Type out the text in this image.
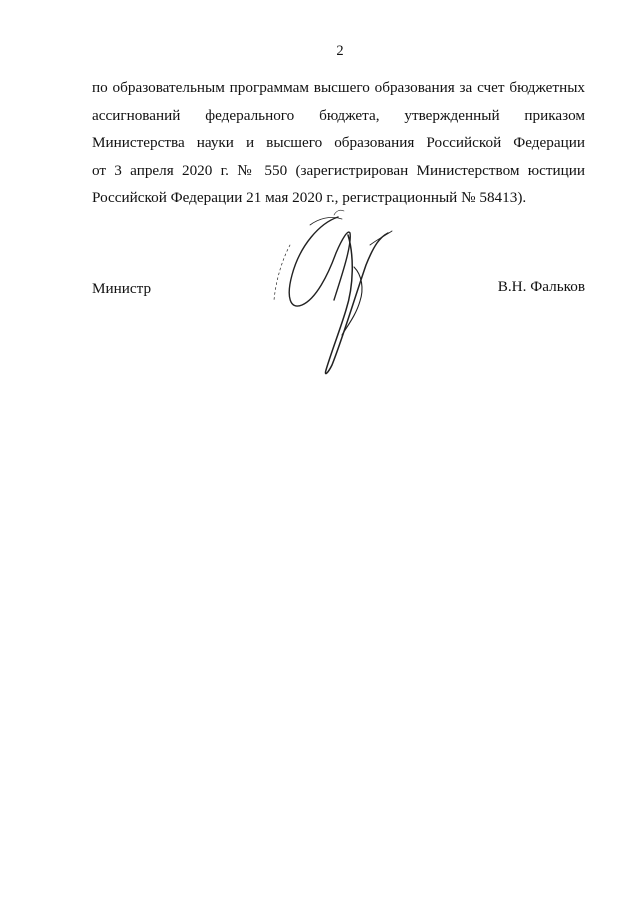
2
по образовательным программам высшего образования за счет бюджетных
ассигнований федерального бюджета, утвержденный приказом
Министерства науки и высшего образования Российской Федерации
от 3 апреля 2020 г. № 550 (зарегистрирован Министерством юстиции
Российской Федерации 21 мая 2020 г., регистрационный № 58413).
Министр	В.Н. Фальков
